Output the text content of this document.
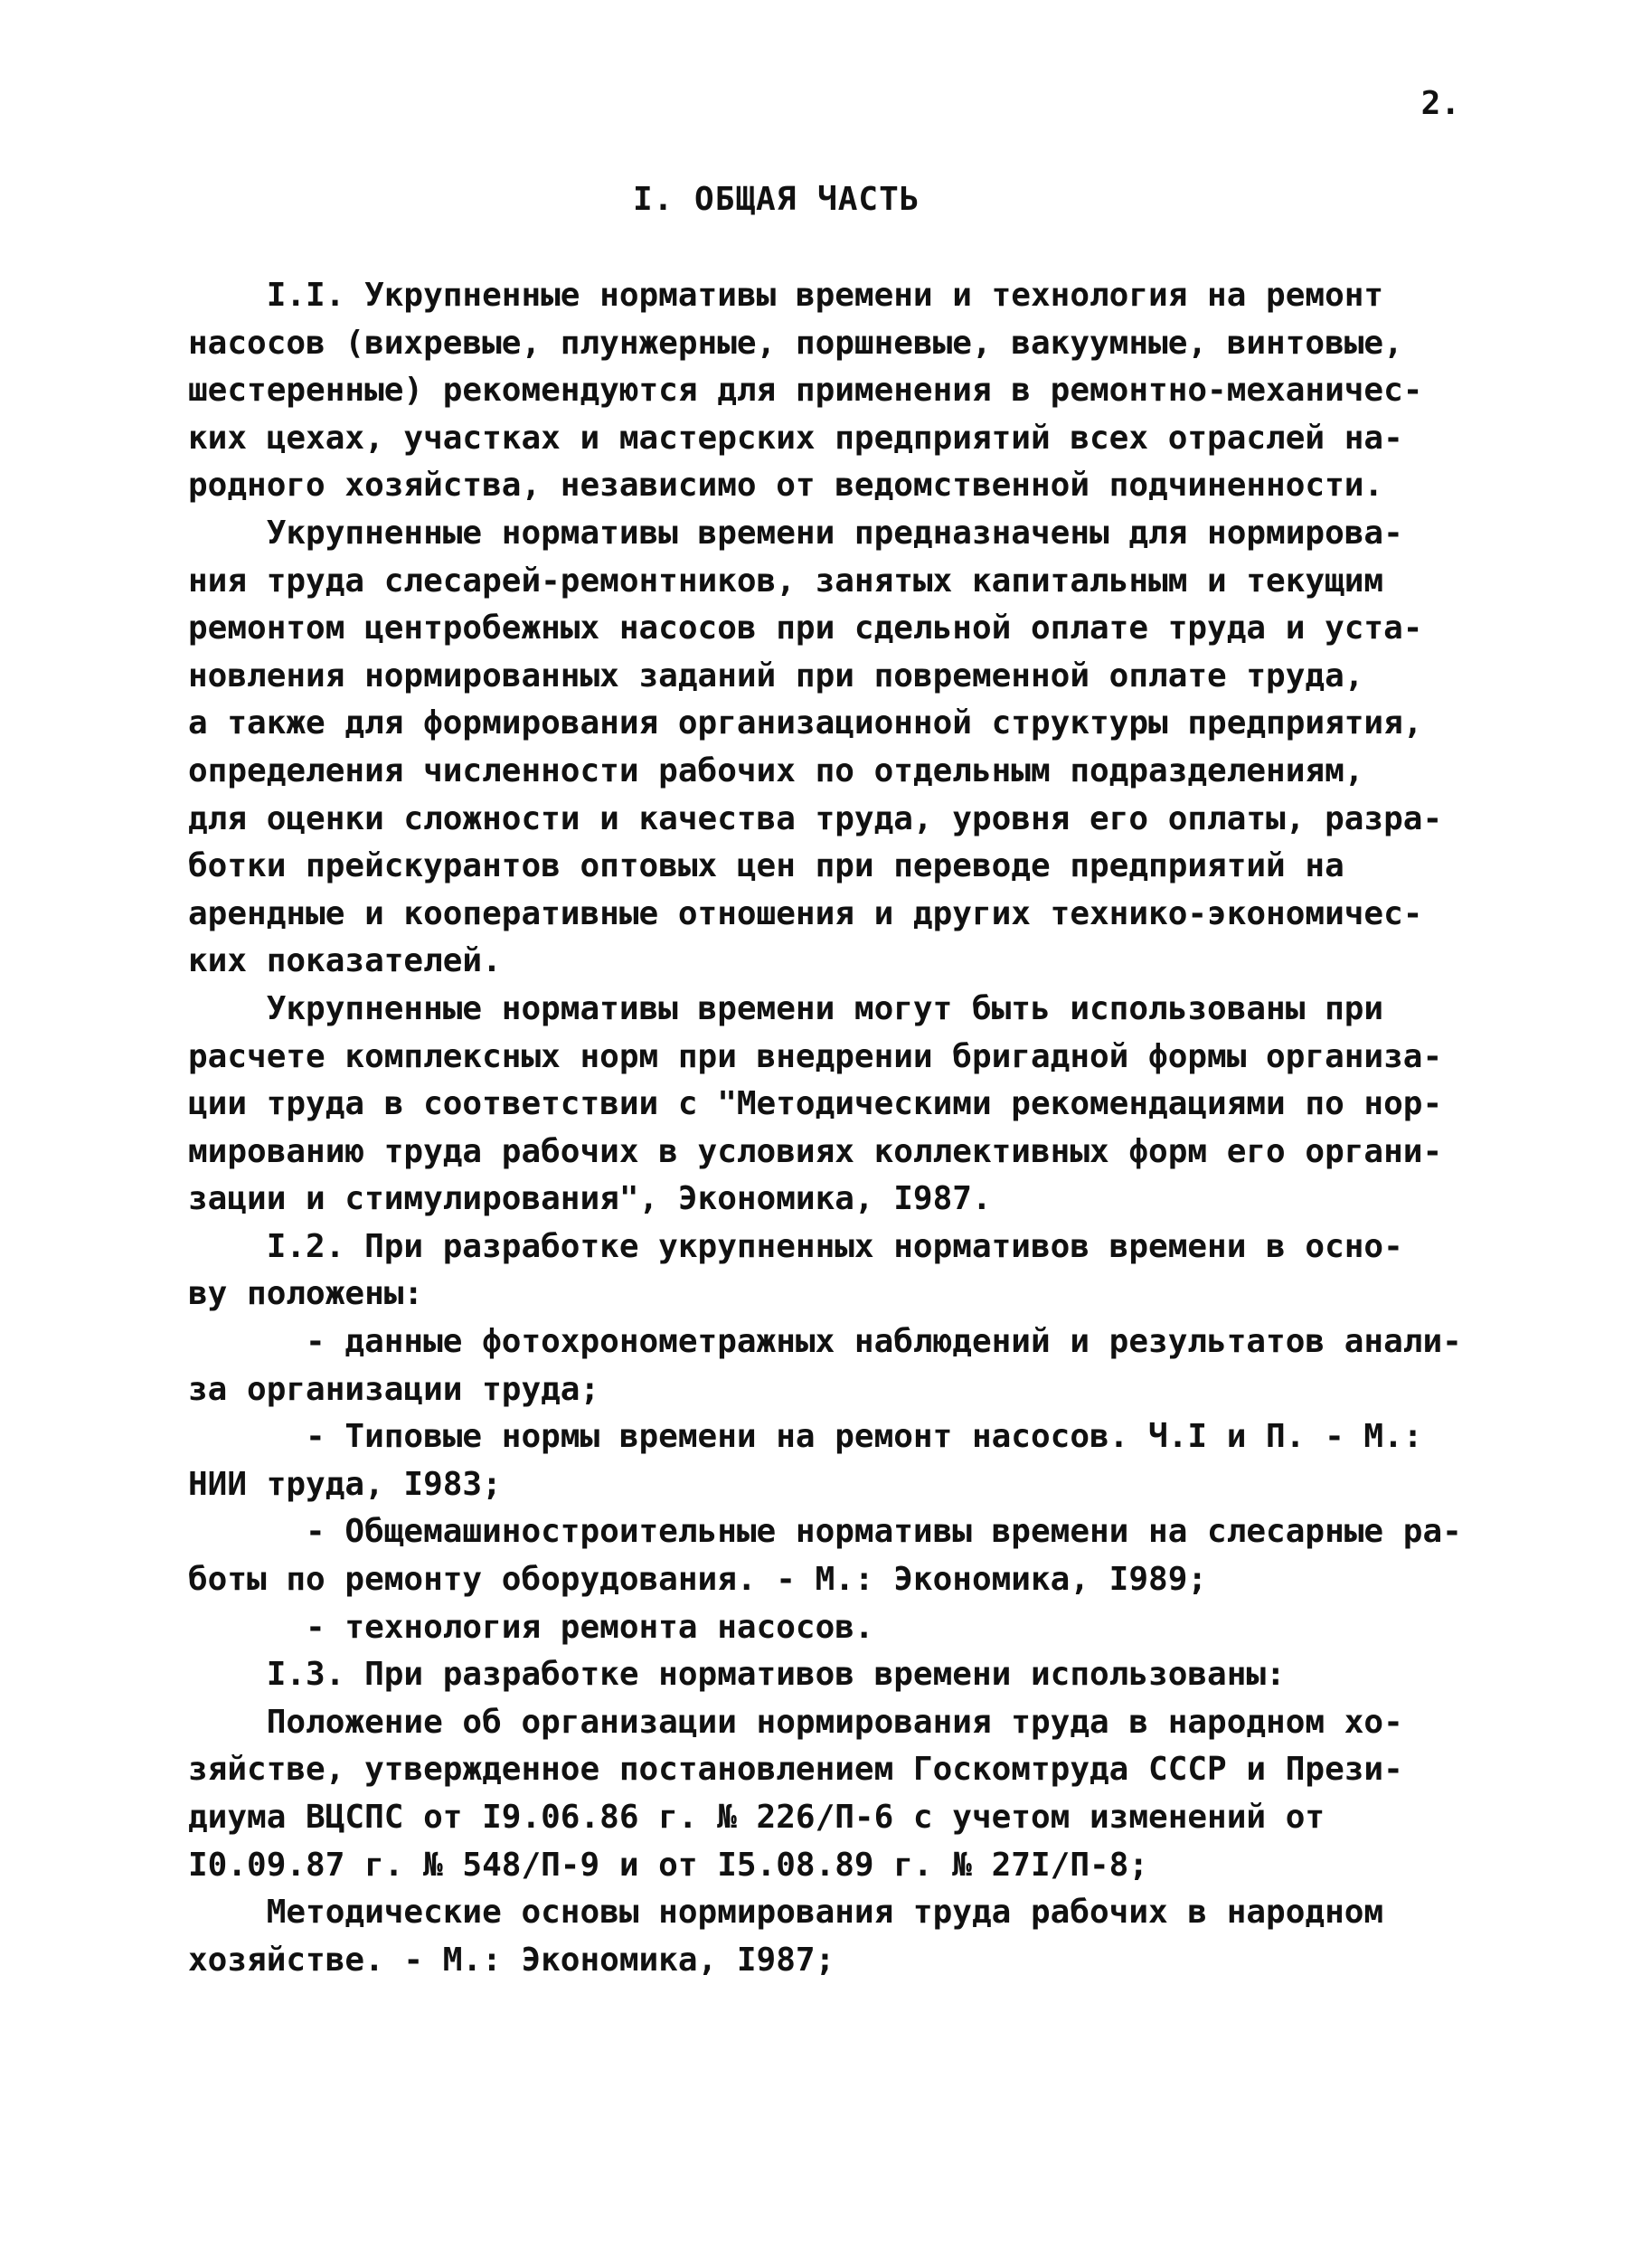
2.

I. ОБЩАЯ ЧАСТЬ

I.I. Укрупненные нормативы времени и технология на ремонт

насосов (вихревые, плунжерные, поршневые, вакуумные, винтовые,

шестеренные) рекомендуются для применения в ремонтно-механичес-

ких цехах, участках и мастерских предприятий всех отраслей на-

родного хозяйства, независимо от ведомственной подчиненности.

Укрупненные нормативы времени предназначены для нормирова-

ния труда слесарей-ремонтников, занятых капитальным и текущим

ремонтом центробежных насосов при сдельной оплате труда и уста-

новления нормированных заданий при повременной оплате труда,

а также для формирования организационной структуры предприятия,

определения численности рабочих по отдельным подразделениям,

для оценки сложности и качества труда, уровня его оплаты, разра-

ботки прейскурантов оптовых цен при переводе предприятий на

арендные и кооперативные отношения и других технико-экономичес-

ких показателей.

Укрупненные нормативы времени могут быть использованы при

расчете комплексных норм при внедрении бригадной формы организа-

ции труда в соответствии с "Методическими рекомендациями по нор-

мированию труда рабочих в условиях коллективных форм его органи-

зации и стимулирования", Экономика, I987.

I.2. При разработке укрупненных нормативов времени в осно-

ву положены:

- данные фотохронометражных наблюдений и результатов анали-

за организации труда;

- Типовые нормы времени на ремонт насосов. Ч.I и П. - М.:

НИИ труда, I983;

- Общемашиностроительные нормативы времени на слесарные ра-

боты по ремонту оборудования. - М.: Экономика, I989;

- технология ремонта насосов.

I.3. При разработке нормативов времени использованы:

Положение об организации нормирования труда в народном хо-

зяйстве, утвержденное постановлением Госкомтруда СССР и Прези-

диума ВЦСПС от I9.06.86 г. № 226/П-6 с учетом изменений от

I0.09.87 г. № 548/П-9 и от I5.08.89 г. № 27I/П-8;

Методические основы нормирования труда рабочих в народном

хозяйстве. - М.: Экономика, I987;
